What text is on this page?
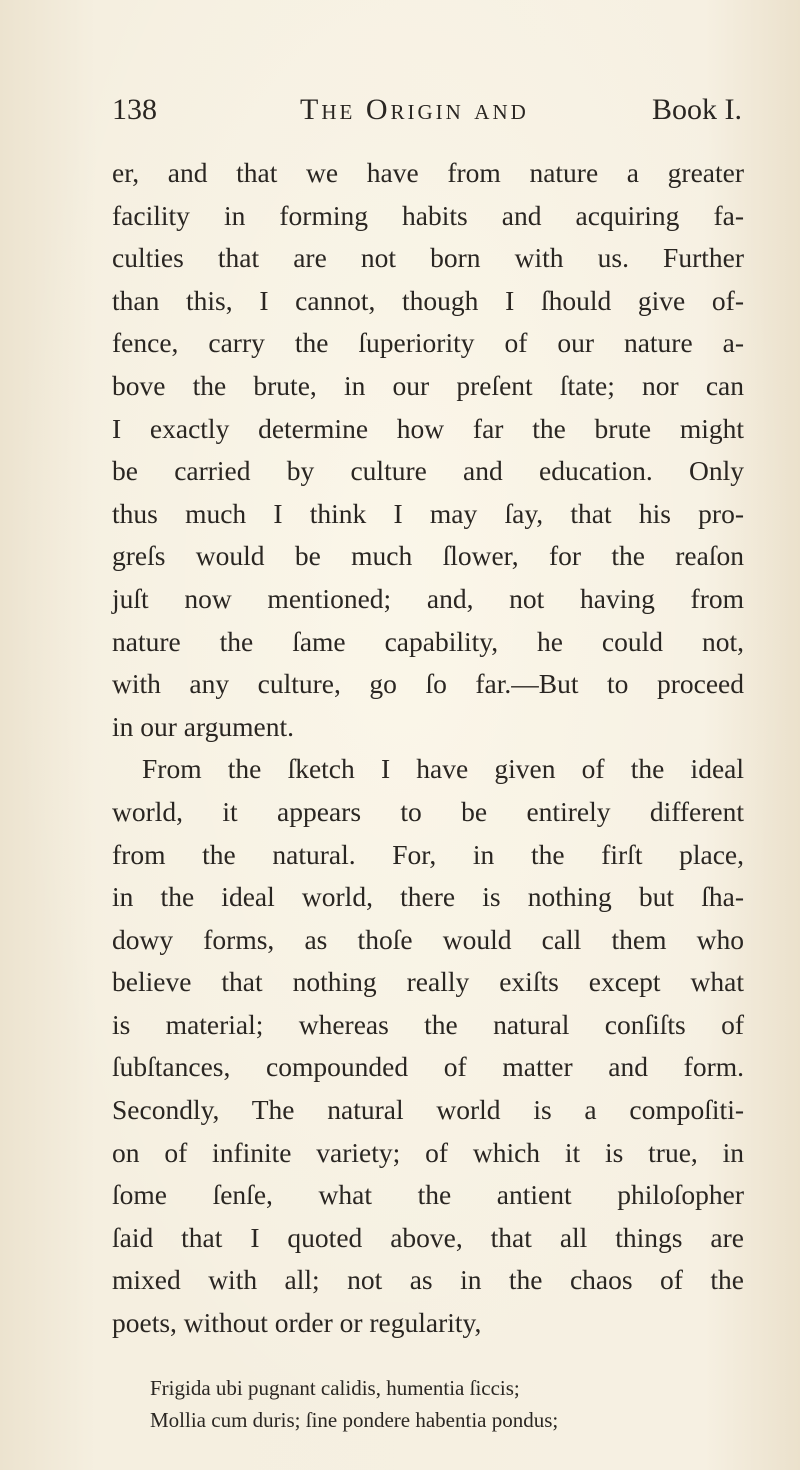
138	The Origin and	Book I.
er, and that we have from nature a greater
facility in forming habits and acquiring fa-
culties that are not born with us. Further
than this, I cannot, though I ſhould give of-
fence, carry the ſuperiority of our nature a-
bove the brute, in our preſent ſtate; nor can
I exactly determine how far the brute might
be carried by culture and education. Only
thus much I think I may ſay, that his pro-
greſs would be much ſlower, for the reaſon
juſt now mentioned; and, not having from
nature the ſame capability, he could not,
with any culture, go ſo far.—But to proceed
in our argument.
From the ſketch I have given of the ideal
world, it appears to be entirely different
from the natural. For, in the firſt place,
in the ideal world, there is nothing but ſha-
dowy forms, as thoſe would call them who
believe that nothing really exiſts except what
is material; whereas the natural conſiſts of
ſubſtances, compounded of matter and form.
Secondly, The natural world is a compoſiti-
on of infinite variety; of which it is true, in
ſome ſenſe, what the antient philoſopher
ſaid that I quoted above, that all things are
mixed with all; not as in the chaos of the
poets, without order or regularity,
Frigida ubi pugnant calidis, humentia ſiccis;
Mollia cum duris; ſine pondere habentia pondus;
